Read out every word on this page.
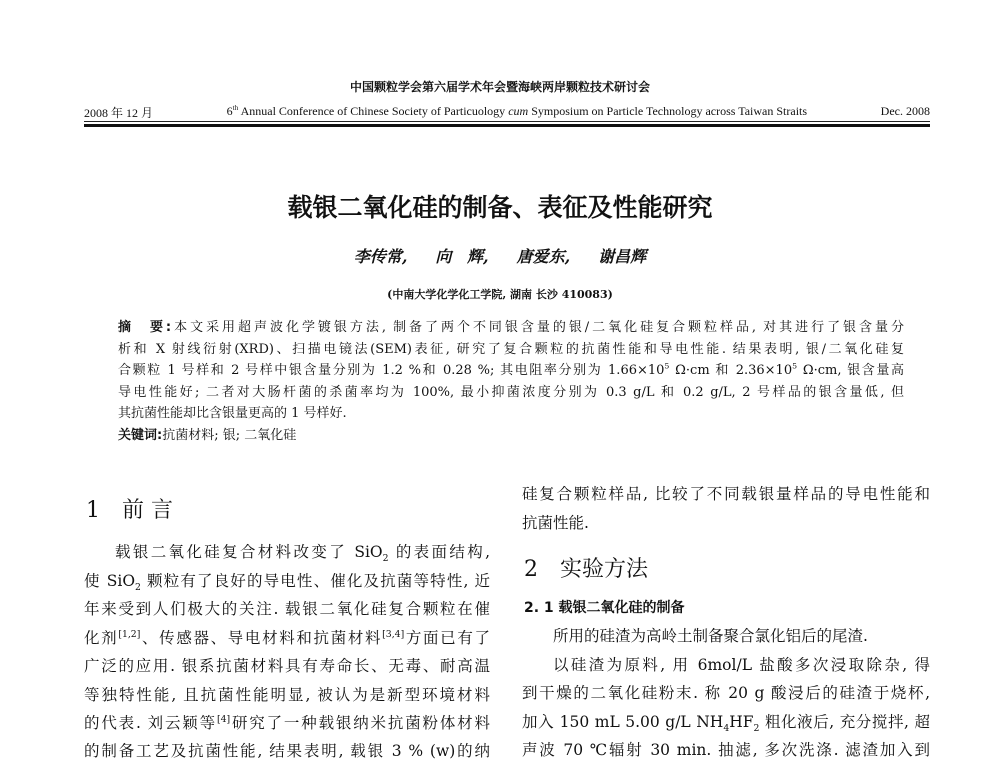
中国颗粒学会第六届学术年会暨海峡两岸颗粒技术研讨会
2008 年 12 月	6th Annual Conference of Chinese Society of Particuology cum Symposium on Particle Technology across Taiwan Straits	Dec. 2008
载银二氧化硅的制备、表征及性能研究
李传常, 向 辉, 唐爱东, 谢昌辉
(中南大学化学化工学院, 湖南 长沙 410083)
摘　要:本文采用超声波化学镀银方法, 制备了两个不同银含量的银/二氧化硅复合颗粒样品, 对其进行了银含量分
析和 X 射线衍射(XRD)、扫描电镜法(SEM)表征, 研究了复合颗粒的抗菌性能和导电性能. 结果表明, 银/二氧化硅复
合颗粒 1 号样和 2 号样中银含量分别为 1.2 %和 0.28 %; 其电阻率分别为 $1.66\times 10^5$ Ω·cm 和 $2.36\times 10^5$ Ω·cm, 银含量高
导电性能好; 二者对大肠杆菌的杀菌率均为 100%, 最小抑菌浓度分别为 0.3 g/L 和 0.2 g/L, 2 号样品的银含量低, 但
其抗菌性能却比含银量更高的 1 号样好.
关键词:抗菌材料; 银; 二氧化硅
1 前 言
载银二氧化硅复合材料改变了 SiO$_2$ 的表面结构,
使 SiO$_2$ 颗粒有了良好的导电性、催化及抗菌等特性, 近
年来受到人们极大的关注. 载银二氧化硅复合颗粒在催
化剂[1,2]、传感器、导电材料和抗菌材料[3,4]方面已有了
广泛的应用. 银系抗菌材料具有寿命长、无毒、耐高温
等独特性能, 且抗菌性能明显, 被认为是新型环境材料
的代表. 刘云颖等[4]研究了一种载银纳米抗菌粉体材料
的制备工艺及抗菌性能, 结果表明, 载银 3 % (w)的纳
硅复合颗粒样品, 比较了不同载银量样品的导电性能和
抗菌性能.
2 实验方法
2. 1 载银二氧化硅的制备
所用的硅渣为高岭土制备聚合氯化铝后的尾渣.
以硅渣为原料, 用 6mol/L 盐酸多次浸取除杂, 得
到干燥的二氧化硅粉末. 称 20 g 酸浸后的硅渣于烧杯,
加入 150 mL 5.00 g/L $NH_4HF_2$ 粗化液后, 充分搅拌, 超
声波 70 ℃辐射 30 min. 抽滤, 多次洗涤. 滤渣加入到
